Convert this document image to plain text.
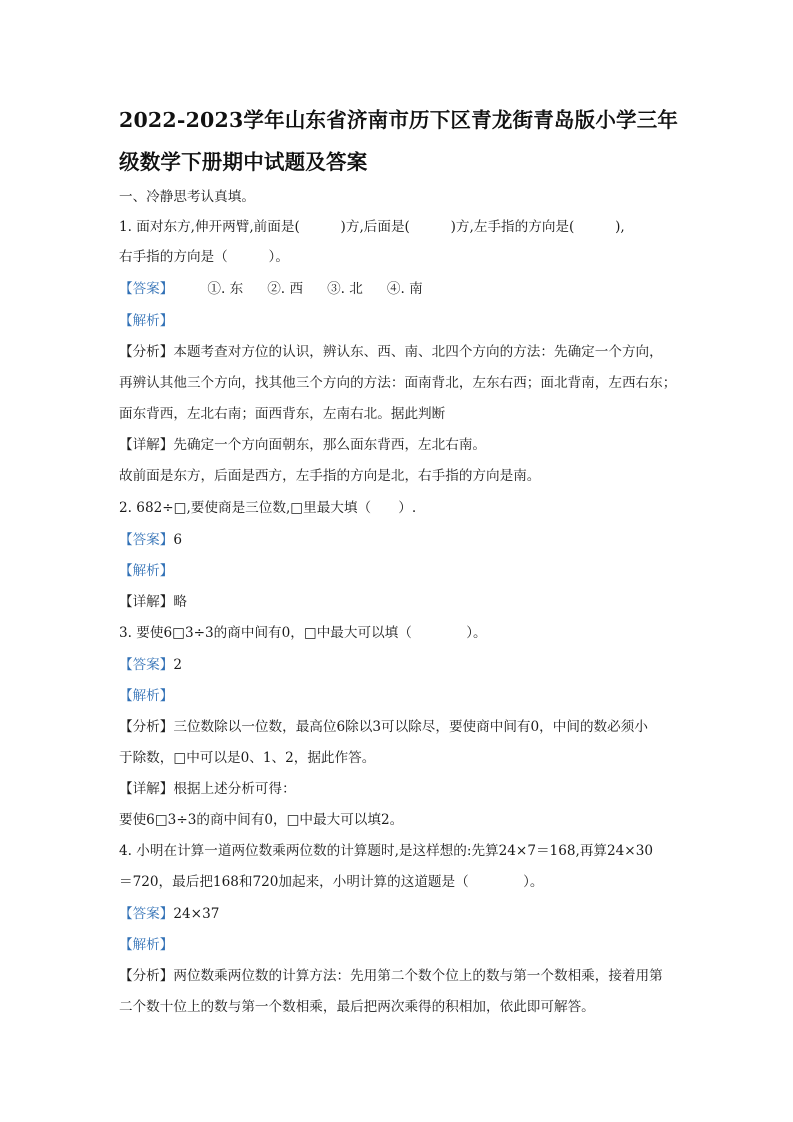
2022-2023学年山东省济南市历下区青龙街青岛版小学三年
级数学下册期中试题及答案
一、冷静思考认真填。
1. 面对东方,伸开两臂,前面是(　　　)方,后面是(　　　)方,左手指的方向是(　　　),
右手指的方向是（　　　）。
【答案】	①. 东 ②. 西 ③. 北 ④. 南
【解析】
【分析】本题考查对方位的认识，辨认东、西、南、北四个方向的方法：先确定一个方向，
再辨认其他三个方向，找其他三个方向的方法：面南背北，左东右西；面北背南，左西右东；
面东背西，左北右南；面西背东，左南右北。据此判断
【详解】先确定一个方向面朝东，那么面东背西，左北右南。
故前面是东方，后面是西方，左手指的方向是北，右手指的方向是南。
2. 682÷□,要使商是三位数,□里最大填（　　）.
【答案】6
【解析】
【详解】略
3. 要使6□3÷3的商中间有0，□中最大可以填（　　　　）。
【答案】2
【解析】
【分析】三位数除以一位数，最高位6除以3可以除尽，要使商中间有0，中间的数必须小
于除数，□中可以是0、1、2，据此作答。
【详解】根据上述分析可得：
要使6□3÷3的商中间有0，□中最大可以填2。
4. 小明在计算一道两位数乘两位数的计算题时,是这样想的:先算24×7＝168,再算24×30
＝720，最后把168和720加起来，小明计算的这道题是（　　　　）。
【答案】24×37
【解析】
【分析】两位数乘两位数的计算方法：先用第二个数个位上的数与第一个数相乘，接着用第
二个数十位上的数与第一个数相乘，最后把两次乘得的积相加，依此即可解答。
